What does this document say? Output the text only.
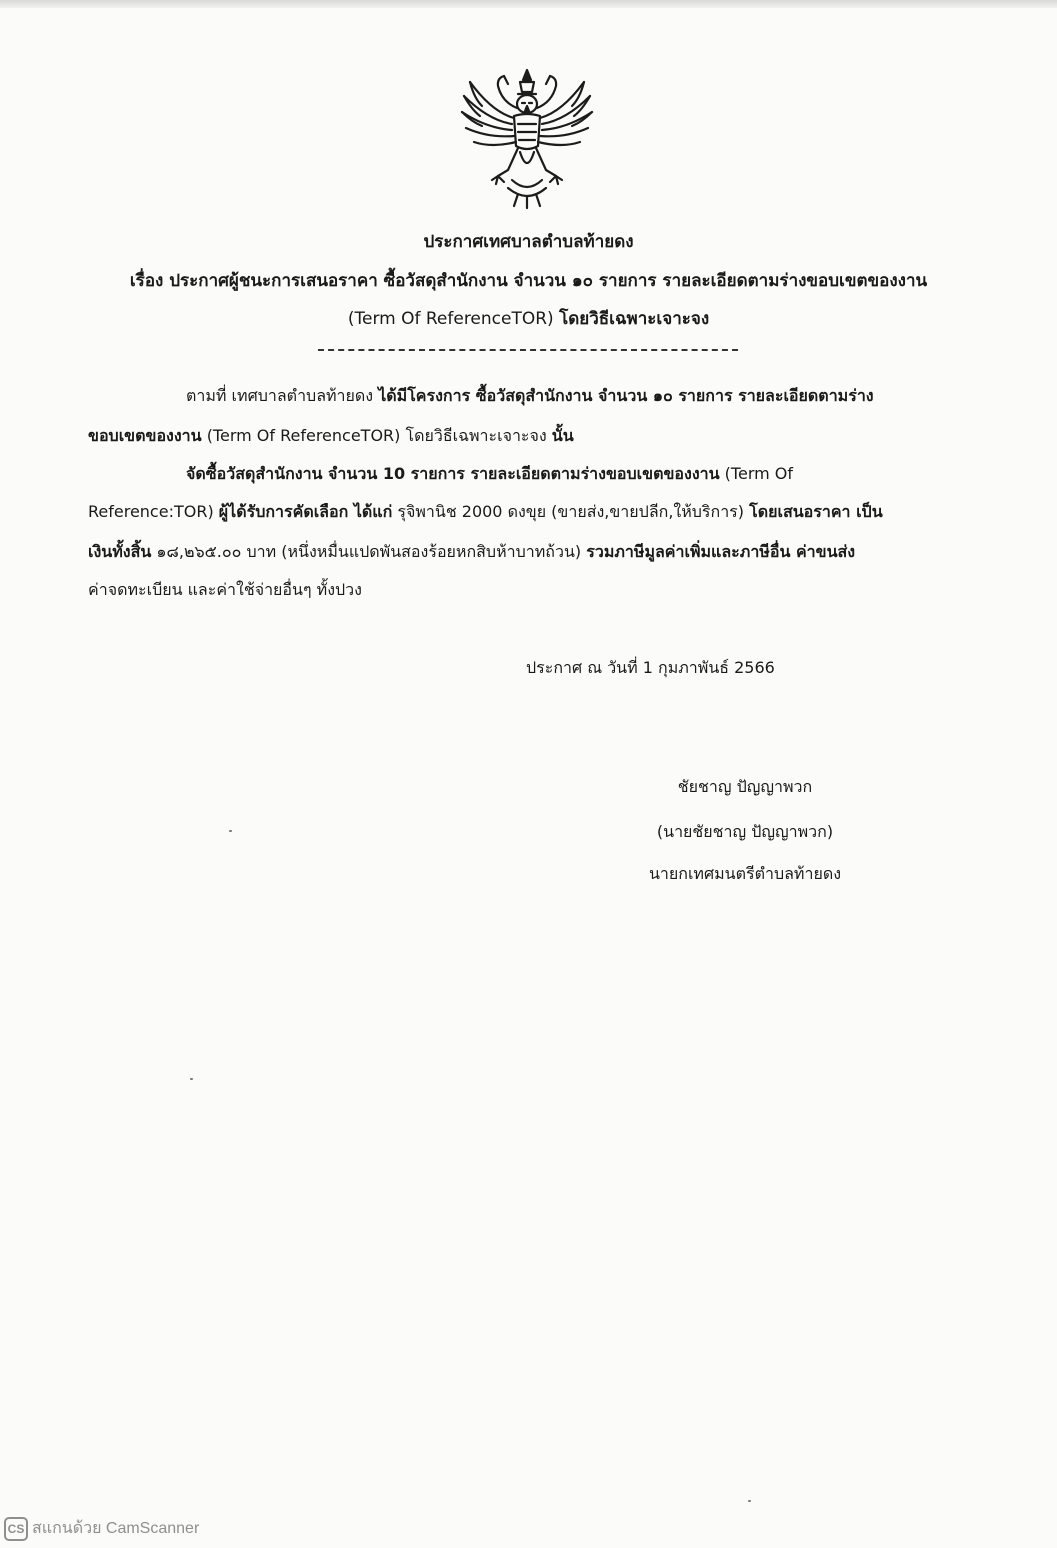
ประกาศเทศบาลตำบลท้ายดง
เรื่อง ประกาศผู้ชนะการเสนอราคา ซื้อวัสดุสำนักงาน จำนวน ๑๐ รายการ รายละเอียดตามร่างขอบเขตของงาน
(Term Of ReferenceTOR) โดยวิธีเฉพาะเจาะจง
ตามที่ เทศบาลตำบลท้ายดง ได้มีโครงการ ซื้อวัสดุสำนักงาน จำนวน ๑๐ รายการ รายละเอียดตามร่าง
ขอบเขตของงาน (Term Of ReferenceTOR) โดยวิธีเฉพาะเจาะจง นั้น
จัดซื้อวัสดุสำนักงาน จำนวน 10 รายการ รายละเอียดตามร่างขอบเขตของงาน (Term Of
Reference:TOR) ผู้ได้รับการคัดเลือก ได้แก่ รุจิพานิช 2000 ดงขุย (ขายส่ง,ขายปลีก,ให้บริการ) โดยเสนอราคา เป็น
เงินทั้งสิ้น ๑๘,๒๖๕.๐๐ บาท (หนึ่งหมื่นแปดพันสองร้อยหกสิบห้าบาทถ้วน) รวมภาษีมูลค่าเพิ่มและภาษีอื่น ค่าขนส่ง
ค่าจดทะเบียน และค่าใช้จ่ายอื่นๆ ทั้งปวง
ประกาศ ณ วันที่ 1 กุมภาพันธ์ 2566
ชัยชาญ ปัญญาพวก
(นายชัยชาญ ปัญญาพวก)
นายกเทศมนตรีตำบลท้ายดง
CS สแกนด้วย CamScanner
